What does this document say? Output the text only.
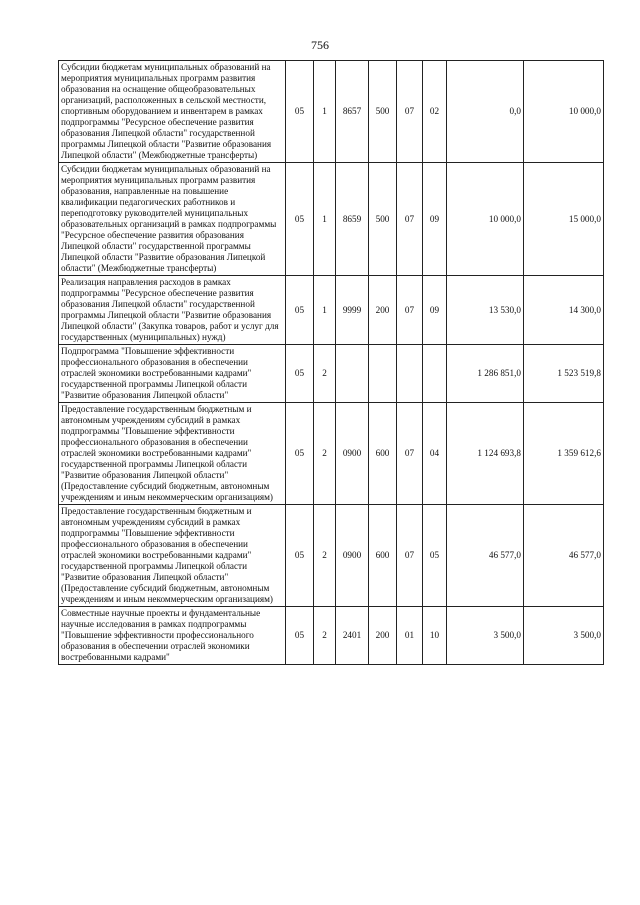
756
Субсидии бюджетам муниципальных образований на мероприятия муниципальных программ развития образования на оснащение общеобразовательных организаций, расположенных в сельской местности, спортивным оборудованием и инвентарем в рамках подпрограммы "Ресурсное обеспечение развития образования Липецкой области" государственной программы Липецкой области "Развитие образования Липецкой области" (Межбюджетные трансферты)	05	1	8657	500	07	02	0,0	10 000,0
Субсидии бюджетам муниципальных образований на мероприятия муниципальных программ развития образования, направленные на повышение квалификации педагогических работников и переподготовку руководителей муниципальных образовательных организаций в рамках подпрограммы "Ресурсное обеспечение развития образования Липецкой области" государственной программы Липецкой области "Развитие образования Липецкой области" (Межбюджетные трансферты)	05	1	8659	500	07	09	10 000,0	15 000,0
Реализация направления расходов в рамках подпрограммы "Ресурсное обеспечение развития образования Липецкой области" государственной программы Липецкой области "Развитие образования Липецкой области" (Закупка товаров, работ и услуг для государственных (муниципальных) нужд)	05	1	9999	200	07	09	13 530,0	14 300,0
Подпрограмма "Повышение эффективности профессионального образования в обеспечении отраслей экономики востребованными кадрами" государственной программы Липецкой области "Развитие образования Липецкой области"	05	2					1 286 851,0	1 523 519,8
Предоставление государственным бюджетным и автономным учреждениям субсидий в рамках подпрограммы "Повышение эффективности профессионального образования в обеспечении отраслей экономики востребованными кадрами" государственной программы Липецкой области "Развитие образования Липецкой области" (Предоставление субсидий бюджетным, автономным учреждениям и иным некоммерческим организациям)	05	2	0900	600	07	04	1 124 693,8	1 359 612,6
Предоставление государственным бюджетным и автономным учреждениям субсидий в рамках подпрограммы "Повышение эффективности профессионального образования в обеспечении отраслей экономики востребованными кадрами" государственной программы Липецкой области "Развитие образования Липецкой области" (Предоставление субсидий бюджетным, автономным учреждениям и иным некоммерческим организациям)	05	2	0900	600	07	05	46 577,0	46 577,0
Совместные научные проекты и фундаментальные научные исследования в рамках подпрограммы "Повышение эффективности профессионального образования в обеспечении отраслей экономики востребованными кадрами"	05	2	2401	200	01	10	3 500,0	3 500,0
